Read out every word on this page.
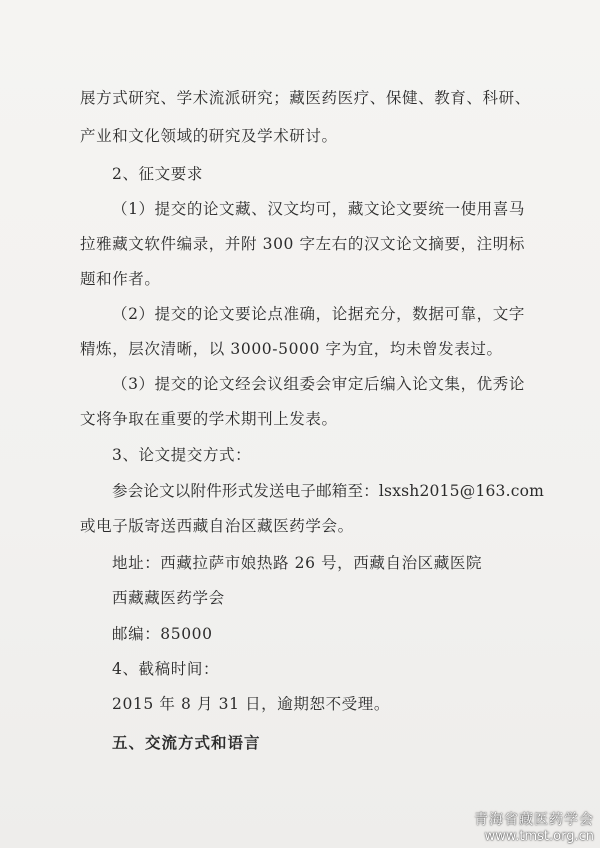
展方式研究、学术流派研究；藏医药医疗、保健、教育、科研、
产业和文化领域的研究及学术研讨。
2、征文要求
（1）提交的论文藏、汉文均可，藏文论文要统一使用喜马
拉雅藏文软件编录，并附 300 字左右的汉文论文摘要，注明标
题和作者。
（2）提交的论文要论点准确，论据充分，数据可靠，文字
精炼，层次清晰，以 3000-5000 字为宜，均未曾发表过。
（3）提交的论文经会议组委会审定后编入论文集，优秀论
文将争取在重要的学术期刊上发表。
3、论文提交方式：
参会论文以附件形式发送电子邮箱至：lsxsh2015@163.com
或电子版寄送西藏自治区藏医药学会。
地址：西藏拉萨市娘热路 26 号，西藏自治区藏医院
西藏藏医药学会
邮编：85000
4、截稿时间：
2015 年 8 月 31 日，逾期恕不受理。
五、交流方式和语言
青海省藏医药学会
www.tmst.org.cn
